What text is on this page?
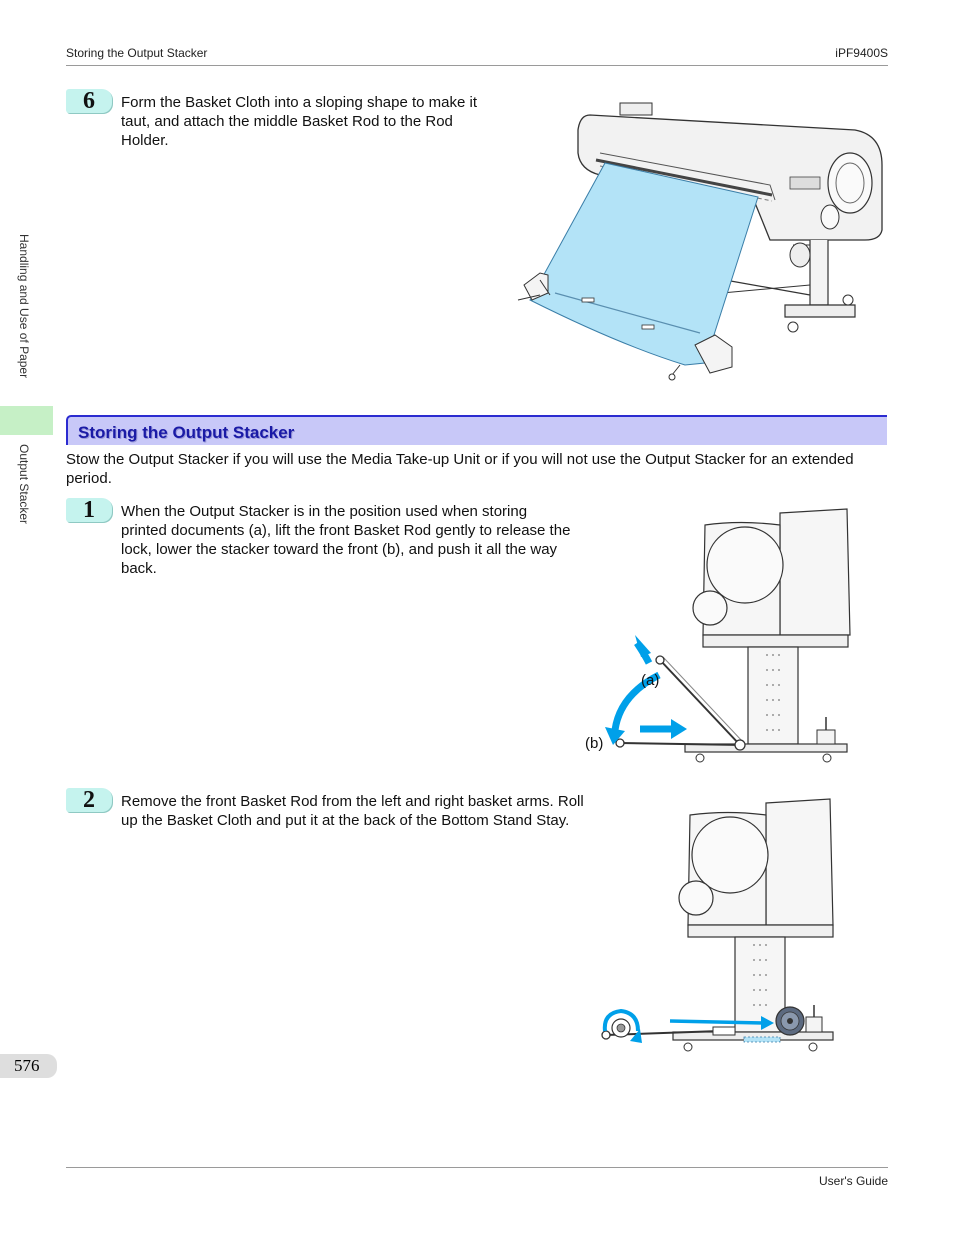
Storing the Output Stacker	iPF9400S
Handling and Use of Paper
Output Stacker
576
6	Form the Basket Cloth into a sloping shape to make it taut, and attach the middle Basket Rod to the Rod Holder.
Storing the Output Stacker
Stow the Output Stacker if you will use the Media Take-up Unit or if you will not use the Output Stacker for an extended period.
1	When the Output Stacker is in the position used when storing printed documents (a), lift the front Basket Rod gently to release the lock, lower the stacker toward the front (b), and push it all the way back.
(a)
(b)
2	Remove the front Basket Rod from the left and right basket arms. Roll up the Basket Cloth and put it at the back of the Bottom Stand Stay.
User's Guide
